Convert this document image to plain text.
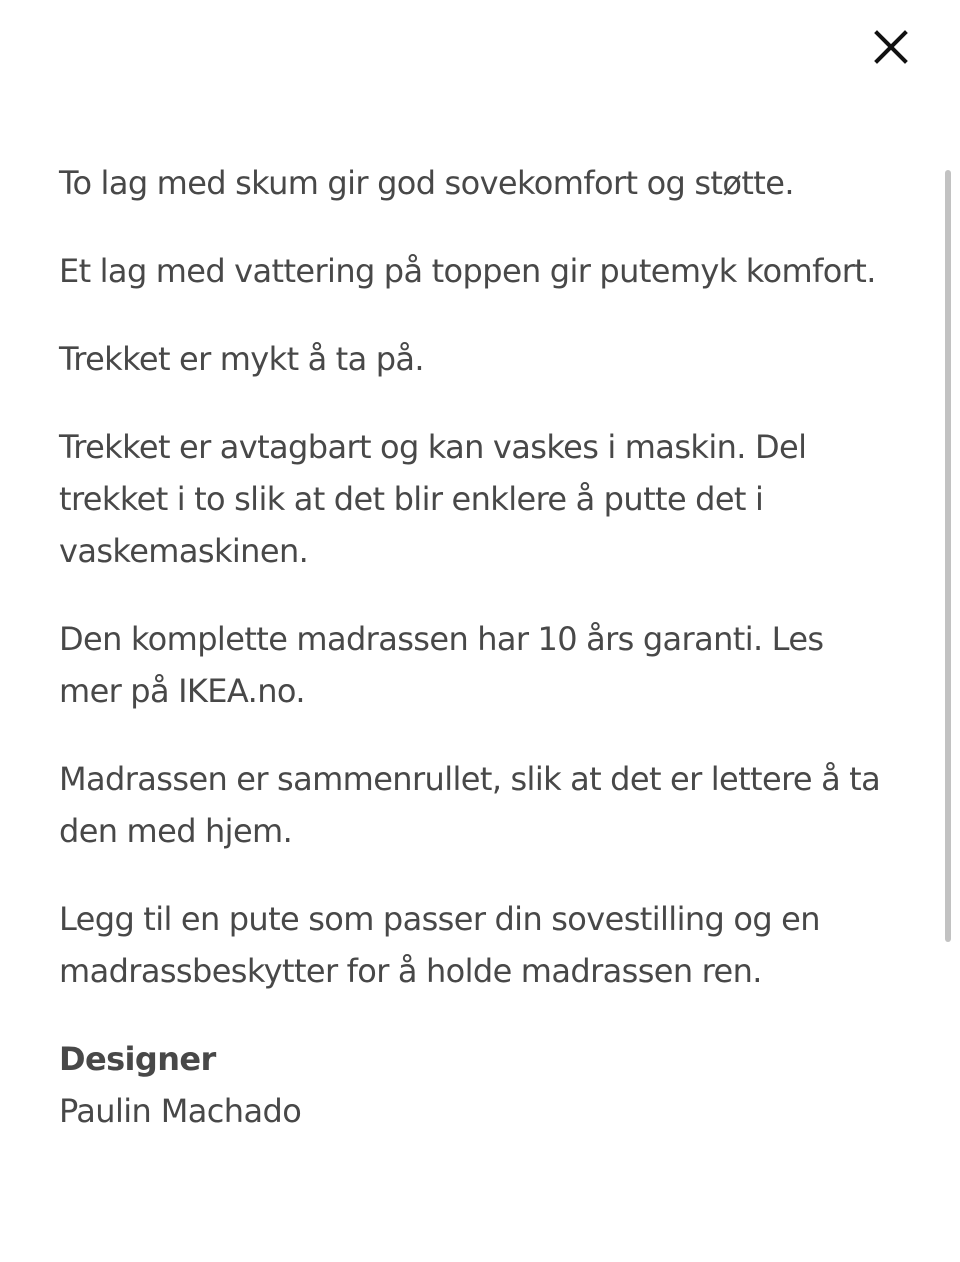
To lag med skum gir god sovekomfort og støtte.

Et lag med vattering på toppen gir putemyk komfort.

Trekket er mykt å ta på.

Trekket er avtagbart og kan vaskes i maskin. Del trekket i to slik at det blir enklere å putte det i vaskemaskinen.

Den komplette madrassen har 10 års garanti. Les mer på IKEA.no.

Madrassen er sammenrullet, slik at det er lettere å ta den med hjem.

Legg til en pute som passer din sovestilling og en madrassbeskytter for å holde madrassen ren.

Designer

Paulin Machado
